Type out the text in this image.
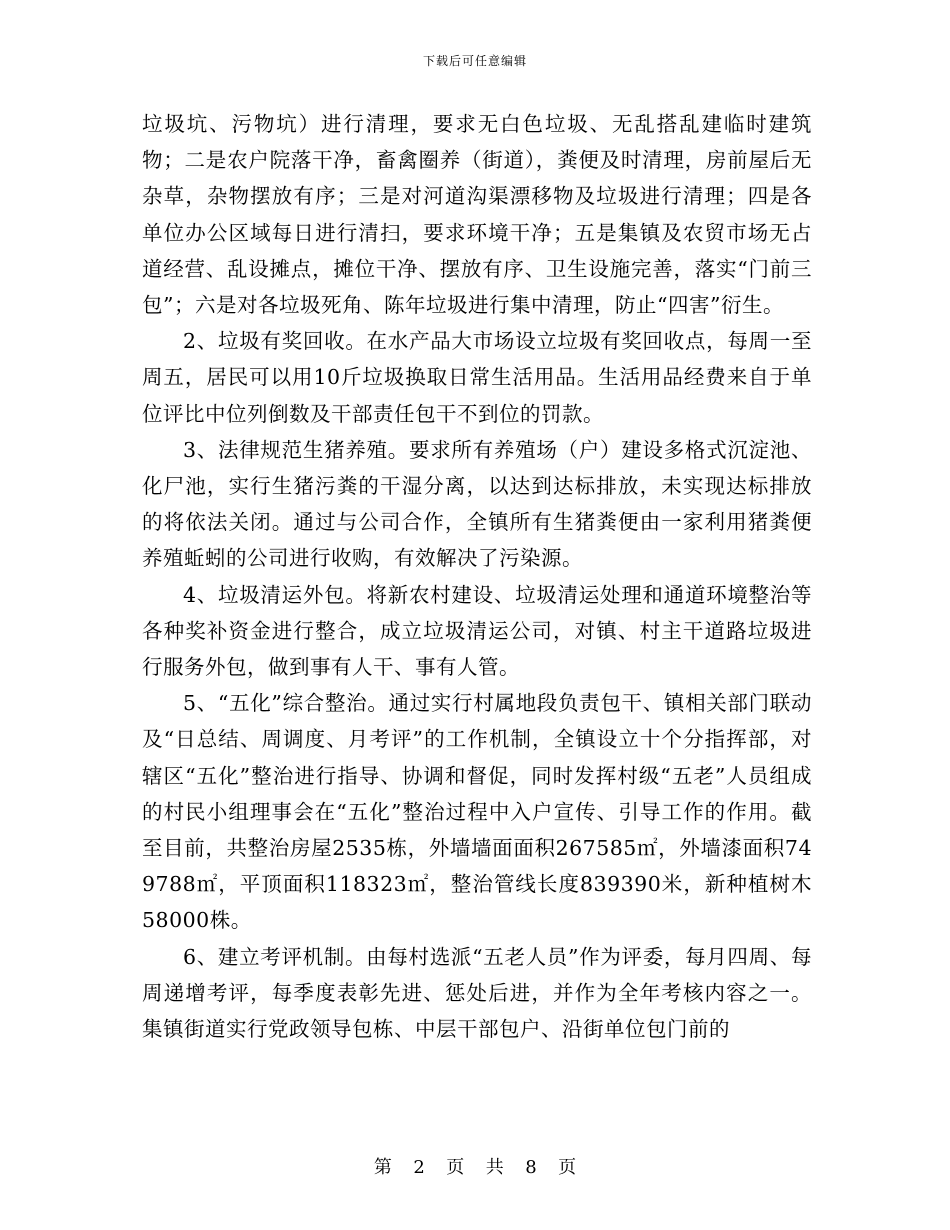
下载后可任意编辑

垃圾坑、污物坑）进行清理，要求无白色垃圾、无乱搭乱建临时建筑物；二是农户院落干净，畜禽圈养（街道），粪便及时清理，房前屋后无杂草，杂物摆放有序；三是对河道沟渠漂移物及垃圾进行清理；四是各单位办公区域每日进行清扫，要求环境干净；五是集镇及农贸市场无占道经营、乱设摊点，摊位干净、摆放有序、卫生设施完善，落实“门前三包”；六是对各垃圾死角、陈年垃圾进行集中清理，防止“四害”衍生。

2、垃圾有奖回收。在水产品大市场设立垃圾有奖回收点，每周一至周五，居民可以用10斤垃圾换取日常生活用品。生活用品经费来自于单位评比中位列倒数及干部责任包干不到位的罚款。

3、法律规范生猪养殖。要求所有养殖场（户）建设多格式沉淀池、化尸池，实行生猪污粪的干湿分离，以达到达标排放，未实现达标排放的将依法关闭。通过与公司合作，全镇所有生猪粪便由一家利用猪粪便养殖蚯蚓的公司进行收购，有效解决了污染源。

4、垃圾清运外包。将新农村建设、垃圾清运处理和通道环境整治等各种奖补资金进行整合，成立垃圾清运公司，对镇、村主干道路垃圾进行服务外包，做到事有人干、事有人管。

5、“五化”综合整治。通过实行村属地段负责包干、镇相关部门联动及“日总结、周调度、月考评”的工作机制，全镇设立十个分指挥部，对辖区“五化”整治进行指导、协调和督促，同时发挥村级“五老”人员组成的村民小组理事会在“五化”整治过程中入户宣传、引导工作的作用。截至目前，共整治房屋2535栋，外墙墙面面积267585㎡，外墙漆面积749788㎡，平顶面积118323㎡，整治管线长度839390米，新种植树木58000株。

6、建立考评机制。由每村选派“五老人员”作为评委，每月四周、每周递增考评，每季度表彰先进、惩处后进，并作为全年考核内容之一。集镇街道实行党政领导包栋、中层干部包户、沿街单位包门前的

第 2 页 共 8 页
